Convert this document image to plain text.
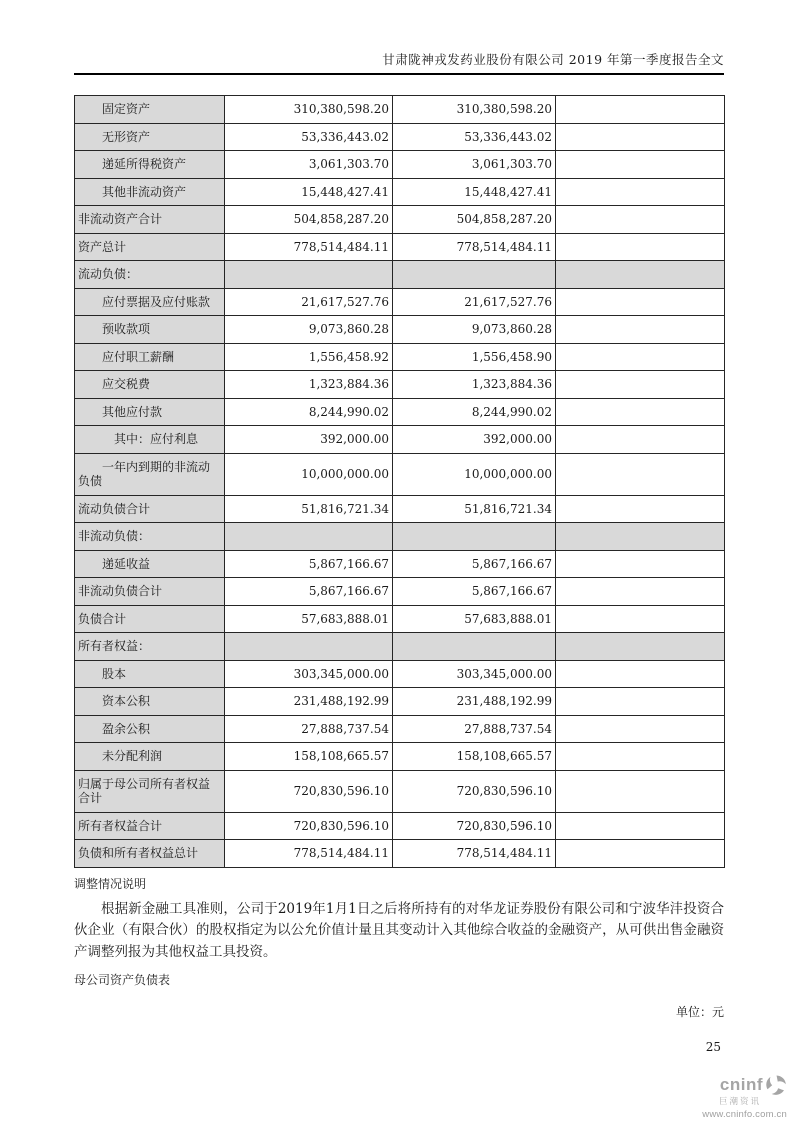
甘肃陇神戎发药业股份有限公司 2019 年第一季度报告全文
固定资产	310,380,598.20	310,380,598.20	
无形资产	53,336,443.02	53,336,443.02	
递延所得税资产	3,061,303.70	3,061,303.70	
其他非流动资产	15,448,427.41	15,448,427.41	
非流动资产合计	504,858,287.20	504,858,287.20	
资产总计	778,514,484.11	778,514,484.11	
流动负债：			
应付票据及应付账款	21,617,527.76	21,617,527.76	
预收款项	9,073,860.28	9,073,860.28	
应付职工薪酬	1,556,458.92	1,556,458.90	
应交税费	1,323,884.36	1,323,884.36	
其他应付款	8,244,990.02	8,244,990.02	
其中：应付利息	392,000.00	392,000.00	
一年内到期的非流动负债	10,000,000.00	10,000,000.00	
流动负债合计	51,816,721.34	51,816,721.34	
非流动负债：			
递延收益	5,867,166.67	5,867,166.67	
非流动负债合计	5,867,166.67	5,867,166.67	
负债合计	57,683,888.01	57,683,888.01	
所有者权益：			
股本	303,345,000.00	303,345,000.00	
资本公积	231,488,192.99	231,488,192.99	
盈余公积	27,888,737.54	27,888,737.54	
未分配利润	158,108,665.57	158,108,665.57	
归属于母公司所有者权益合计	720,830,596.10	720,830,596.10	
所有者权益合计	720,830,596.10	720,830,596.10	
负债和所有者权益总计	778,514,484.11	778,514,484.11	
调整情况说明

根据新金融工具准则，公司于2019年1月1日之后将所持有的对华龙证券股份有限公司和宁波华沣投资合伙企业（有限合伙）的股权指定为以公允价值计量且其变动计入其他综合收益的金融资产，从可供出售金融资产调整列报为其他权益工具投资。

母公司资产负债表
单位：元
25
cninf
巨潮资讯
www.cninfo.com.cn
